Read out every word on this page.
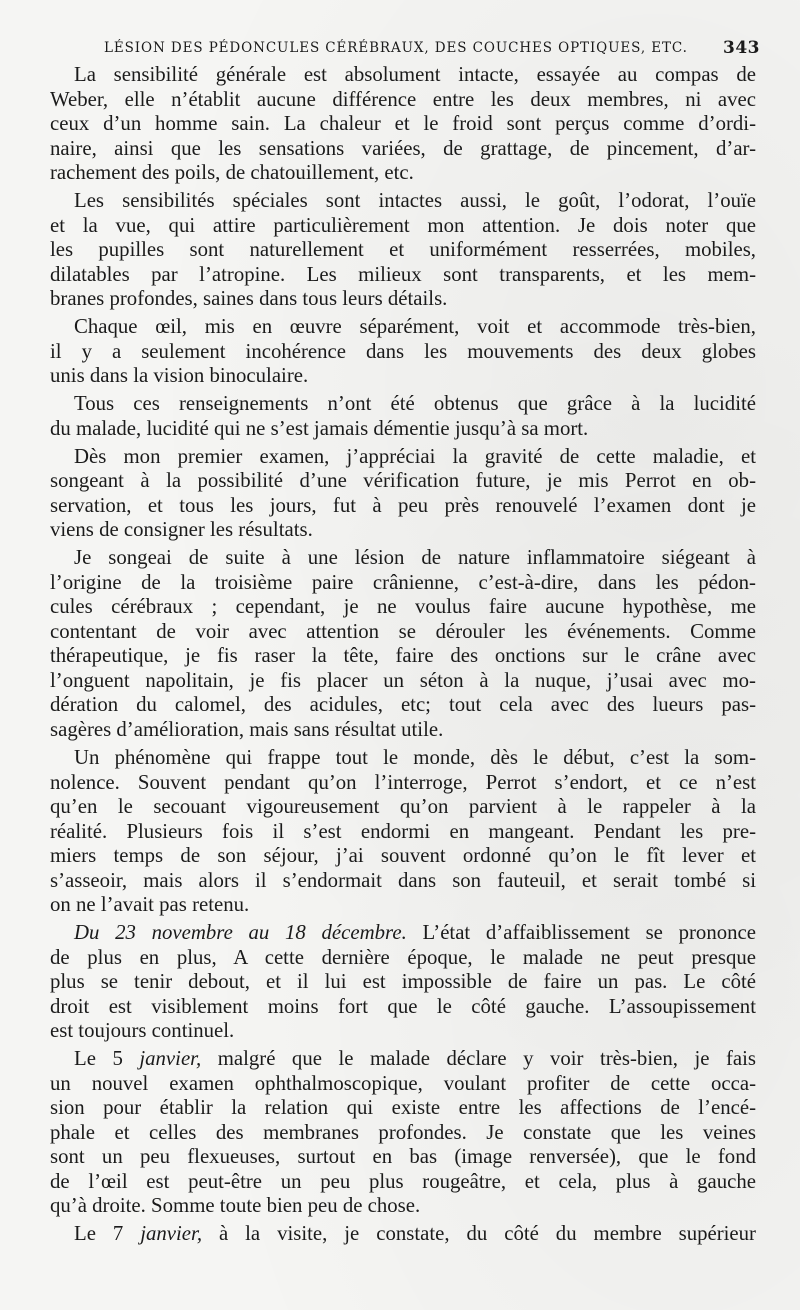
LÉSION DES PÉDONCULES CÉRÉBRAUX, DES COUCHES OPTIQUES, ETC. 343

La sensibilité générale est absolument intacte, essayée au compas de
Weber, elle n’établit aucune différence entre les deux membres, ni avec
ceux d’un homme sain. La chaleur et le froid sont perçus comme d’ordi-
naire, ainsi que les sensations variées, de grattage, de pincement, d’ar-
rachement des poils, de chatouillement, etc.

Les sensibilités spéciales sont intactes aussi, le goût, l’odorat, l’ouïe
et la vue, qui attire particulièrement mon attention. Je dois noter que
les pupilles sont naturellement et uniformément resserrées, mobiles,
dilatables par l’atropine. Les milieux sont transparents, et les mem-
branes profondes, saines dans tous leurs détails.

Chaque œil, mis en œuvre séparément, voit et accommode très-bien,
il y a seulement incohérence dans les mouvements des deux globes
unis dans la vision binoculaire.

Tous ces renseignements n’ont été obtenus que grâce à la lucidité
du malade, lucidité qui ne s’est jamais démentie jusqu’à sa mort.

Dès mon premier examen, j’appréciai la gravité de cette maladie, et
songeant à la possibilité d’une vérification future, je mis Perrot en ob-
servation, et tous les jours, fut à peu près renouvelé l’examen dont je
viens de consigner les résultats.

Je songeai de suite à une lésion de nature inflammatoire siégeant à
l’origine de la troisième paire crânienne, c’est-à-dire, dans les pédon-
cules cérébraux ; cependant, je ne voulus faire aucune hypothèse, me
contentant de voir avec attention se dérouler les événements. Comme
thérapeutique, je fis raser la tête, faire des onctions sur le crâne avec
l’onguent napolitain, je fis placer un séton à la nuque, j’usai avec mo-
dération du calomel, des acidules, etc; tout cela avec des lueurs pas-
sagères d’amélioration, mais sans résultat utile.

Un phénomène qui frappe tout le monde, dès le début, c’est la som-
nolence. Souvent pendant qu’on l’interroge, Perrot s’endort, et ce n’est
qu’en le secouant vigoureusement qu’on parvient à le rappeler à la
réalité. Plusieurs fois il s’est endormi en mangeant. Pendant les pre-
miers temps de son séjour, j’ai souvent ordonné qu’on le fît lever et
s’asseoir, mais alors il s’endormait dans son fauteuil, et serait tombé si
on ne l’avait pas retenu.

Du 23 novembre au 18 décembre. L’état d’affaiblissement se prononce
de plus en plus, A cette dernière époque, le malade ne peut presque
plus se tenir debout, et il lui est impossible de faire un pas. Le côté
droit est visiblement moins fort que le côté gauche. L’assoupissement
est toujours continuel.

Le 5 janvier, malgré que le malade déclare y voir très-bien, je fais
un nouvel examen ophthalmoscopique, voulant profiter de cette occa-
sion pour établir la relation qui existe entre les affections de l’encé-
phale et celles des membranes profondes. Je constate que les veines
sont un peu flexueuses, surtout en bas (image renversée), que le fond
de l’œil est peut-être un peu plus rougeâtre, et cela, plus à gauche
qu’à droite. Somme toute bien peu de chose.

Le 7 janvier, à la visite, je constate, du côté du membre supérieur
